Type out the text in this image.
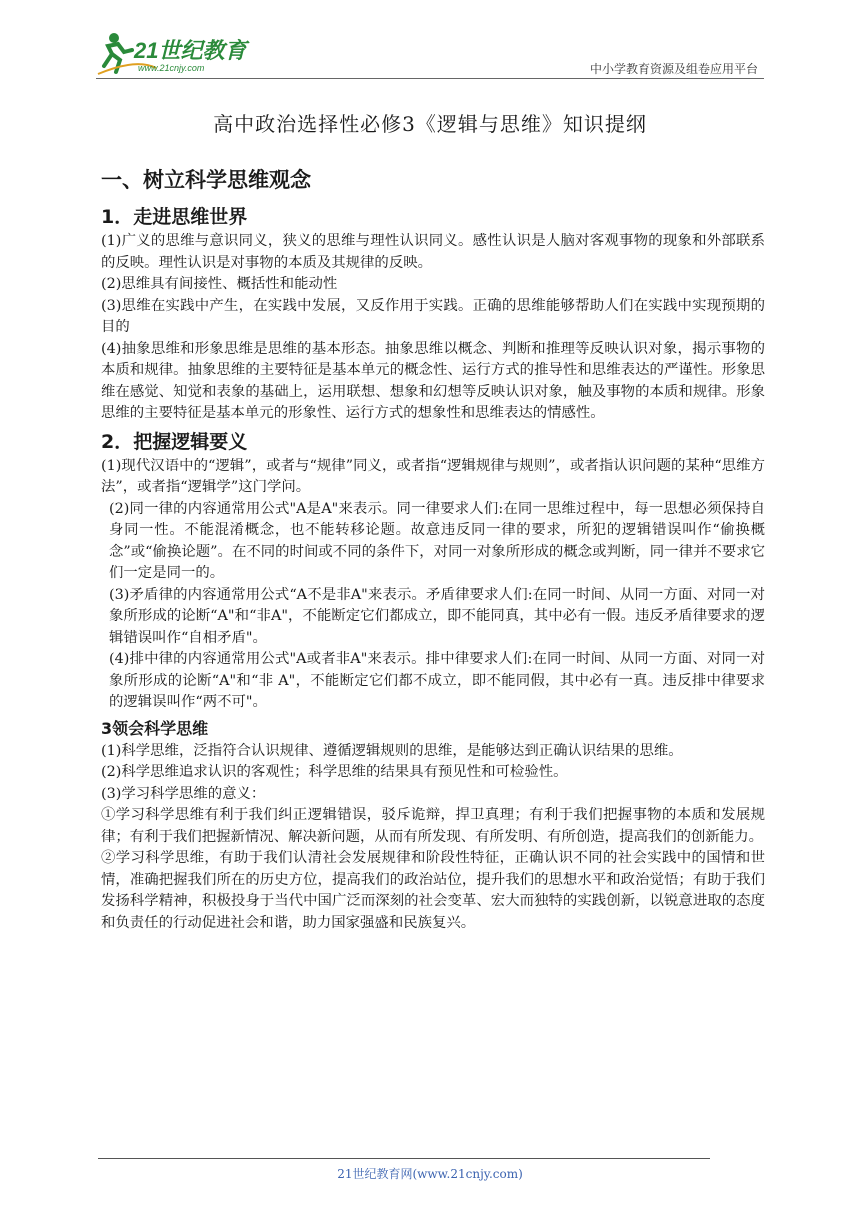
21世纪教育
www.21cnjy.com	中小学教育资源及组卷应用平台
高中政治选择性必修3《逻辑与思维》知识提纲
一、树立科学思维观念
1．走进思维世界

(1)广义的思维与意识同义，狭义的思维与理性认识同义。感性认识是人脑对客观事物的现象和外部联系的反映。理性认识是对事物的本质及其规律的反映。

(2)思维具有间接性、概括性和能动性

(3)思维在实践中产生，在实践中发展，又反作用于实践。正确的思维能够帮助人们在实践中实现预期的目的

(4)抽象思维和形象思维是思维的基本形态。抽象思维以概念、判断和推理等反映认识对象，揭示事物的本质和规律。抽象思维的主要特征是基本单元的概念性、运行方式的推导性和思维表达的严谨性。形象思维在感觉、知觉和表象的基础上，运用联想、想象和幻想等反映认识对象，触及事物的本质和规律。形象思维的主要特征是基本单元的形象性、运行方式的想象性和思维表达的情感性。

2．把握逻辑要义

(1)现代汉语中的“逻辑”，或者与“规律”同义，或者指“逻辑规律与规则”，或者指认识问题的某种“思维方法”，或者指“逻辑学”这门学问。

(2)同一律的内容通常用公式"A是A"来表示。同一律要求人们:在同一思维过程中，每一思想必须保持自身同一性。不能混淆概念，也不能转移论题。故意违反同一律的要求，所犯的逻辑错误叫作“偷换概念”或“偷换论题”。在不同的时间或不同的条件下，对同一对象所形成的概念或判断，同一律并不要求它们一定是同一的。

(3)矛盾律的内容通常用公式“A不是非A"来表示。矛盾律要求人们:在同一时间、从同一方面、对同一对象所形成的论断“A"和“非A"，不能断定它们都成立，即不能同真，其中必有一假。违反矛盾律要求的逻辑错误叫作“自相矛盾"。

(4)排中律的内容通常用公式"A或者非A"来表示。排中律要求人们:在同一时间、从同一方面、对同一对象所形成的论断“A"和“非 A"，不能断定它们都不成立，即不能同假，其中必有一真。违反排中律要求的逻辑误叫作“两不可"。

3领会科学思维

(1)科学思维，泛指符合认识规律、遵循逻辑规则的思维，是能够达到正确认识结果的思维。

(2)科学思维追求认识的客观性；科学思维的结果具有预见性和可检验性。

(3)学习科学思维的意义：

①学习科学思维有利于我们纠正逻辑错误，驳斥诡辩，捍卫真理；有利于我们把握事物的本质和发展规律；有利于我们把握新情况、解决新问题，从而有所发现、有所发明、有所创造，提高我们的创新能力。

②学习科学思维，有助于我们认清社会发展规律和阶段性特征，正确认识不同的社会实践中的国情和世情，准确把握我们所在的历史方位，提高我们的政治站位，提升我们的思想水平和政治觉悟；有助于我们发扬科学精神，积极投身于当代中国广泛而深刻的社会变革、宏大而独特的实践创新，以锐意进取的态度和负责任的行动促进社会和谐，助力国家强盛和民族复兴。

21世纪教育网(www.21cnjy.com)
